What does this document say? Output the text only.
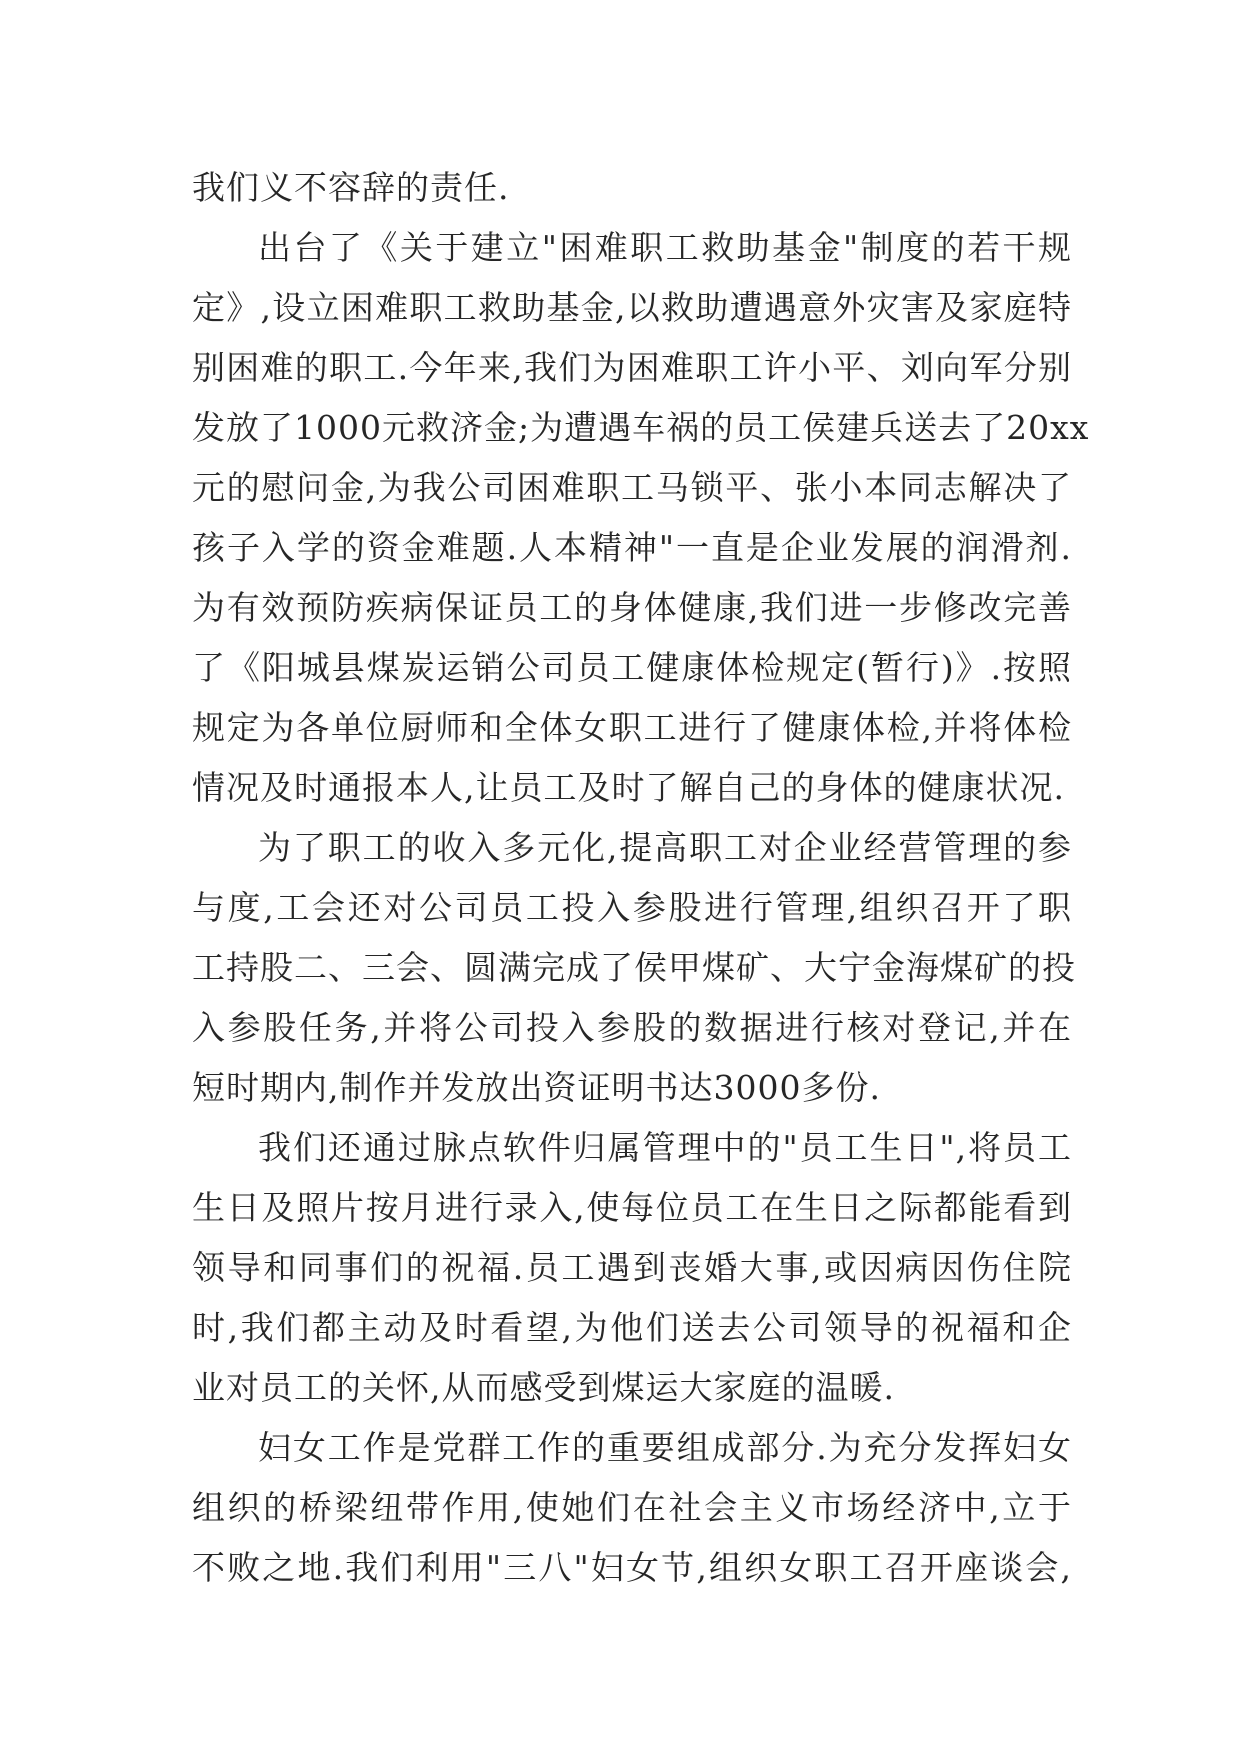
我们义不容辞的责任.
出台了《关于建立"困难职工救助基金"制度的若干规
定》,设立困难职工救助基金,以救助遭遇意外灾害及家庭特
别困难的职工.今年来,我们为困难职工许小平、刘向军分别
发放了1000元救济金;为遭遇车祸的员工侯建兵送去了20xx
元的慰问金,为我公司困难职工马锁平、张小本同志解决了
孩子入学的资金难题.人本精神"一直是企业发展的润滑剂.
为有效预防疾病保证员工的身体健康,我们进一步修改完善
了《阳城县煤炭运销公司员工健康体检规定(暂行)》.按照
规定为各单位厨师和全体女职工进行了健康体检,并将体检
情况及时通报本人,让员工及时了解自己的身体的健康状况.
为了职工的收入多元化,提高职工对企业经营管理的参
与度,工会还对公司员工投入参股进行管理,组织召开了职
工持股二、三会、圆满完成了侯甲煤矿、大宁金海煤矿的投
入参股任务,并将公司投入参股的数据进行核对登记,并在
短时期内,制作并发放出资证明书达3000多份.
我们还通过脉点软件归属管理中的"员工生日",将员工
生日及照片按月进行录入,使每位员工在生日之际都能看到
领导和同事们的祝福.员工遇到丧婚大事,或因病因伤住院
时,我们都主动及时看望,为他们送去公司领导的祝福和企
业对员工的关怀,从而感受到煤运大家庭的温暖.
妇女工作是党群工作的重要组成部分.为充分发挥妇女
组织的桥梁纽带作用,使她们在社会主义市场经济中,立于
不败之地.我们利用"三八"妇女节,组织女职工召开座谈会,
